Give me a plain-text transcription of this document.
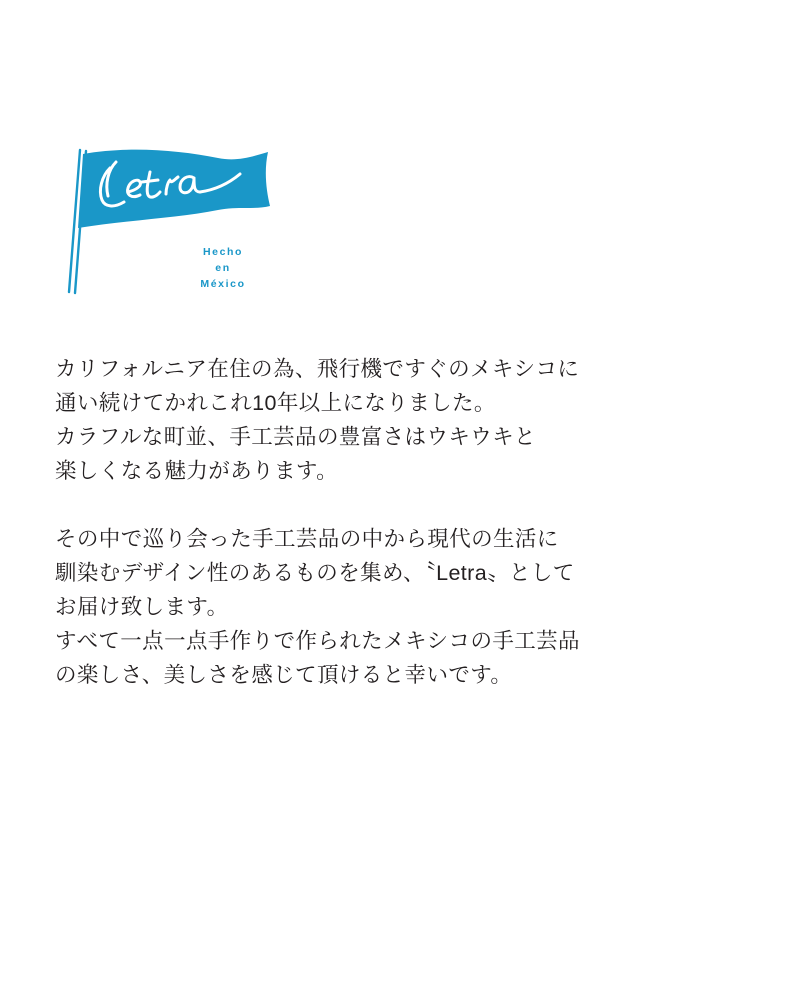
Hecho
en
México

カリフォルニア在住の為、飛行機ですぐのメキシコに
通い続けてかれこれ10年以上になりました。
カラフルな町並、手工芸品の豊富さはウキウキと
楽しくなる魅力があります。

その中で巡り会った手工芸品の中から現代の生活に
馴染むデザイン性のあるものを集め、〝Letra〟として
お届け致します。
すべて一点一点手作りで作られたメキシコの手工芸品
の楽しさ、美しさを感じて頂けると幸いです。
